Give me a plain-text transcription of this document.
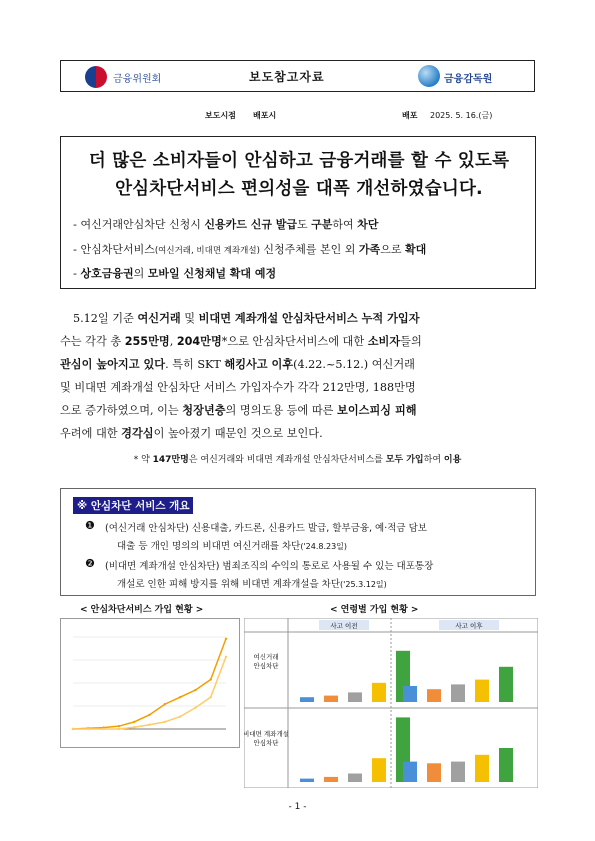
금융위원회	보도참고자료	금융감독원
보도시점 배포시	배포 2025. 5. 16.(금)
더 많은 소비자들이 안심하고 금융거래를 할 수 있도록
안심차단서비스 편의성을 대폭 개선하였습니다.
- 여신거래안심차단 신청시 신용카드 신규 발급도 구분하여 차단
- 안심차단서비스(여신거래, 비대면 계좌개설) 신청주체를 본인 외 가족으로 확대
- 상호금융권의 모바일 신청채널 확대 예정
5.12일 기준 여신거래 및 비대면 계좌개설 안심차단서비스 누적 가입자
수는 각각 총 255만명, 204만명*으로 안심차단서비스에 대한 소비자들의
관심이 높아지고 있다. 특히 SKT 해킹사고 이후(4.22.~5.12.) 여신거래
및 비대면 계좌개설 안심차단 서비스 가입자수가 각각 212만명, 188만명
으로 증가하였으며, 이는 청장년층의 명의도용 등에 따른 보이스피싱 피해
우려에 대한 경각심이 높아졌기 때문인 것으로 보인다.
* 약 147만명은 여신거래와 비대면 계좌개설 안심차단서비스를 모두 가입하여 이용
※ 안심차단 서비스 개요
❶ (여신거래 안심차단) 신용대출, 카드론, 신용카드 발급, 할부금융, 예·적금 담보
대출 등 개인 명의의 비대면 여신거래를 차단('24.8.23일)
❷ (비대면 계좌개설 안심차단) 범죄조직의 수익의 통로로 사용될 수 있는 대포통장
개설로 인한 피해 방지를 위해 비대면 계좌개설을 차단('25.3.12일)
< 안심차단서비스 가입 현황 >	< 연령별 가입 현황 >
사고 이전	사고 이후
여신거래 안심차단
비대면 계좌개설 안심차단
- 1 -
